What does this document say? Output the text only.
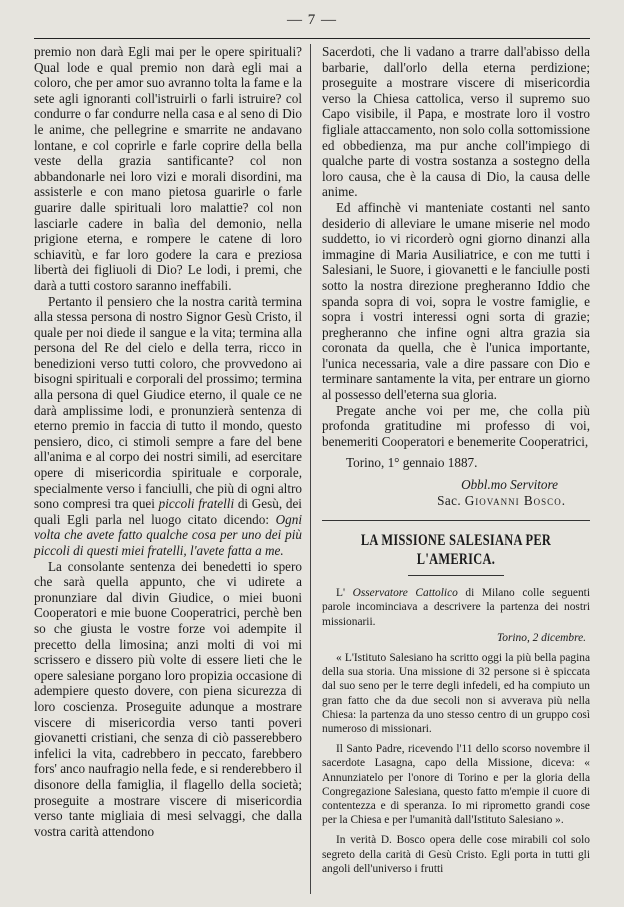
— 7 —

premio non darà Egli mai per le opere spirituali? Qual lode e qual premio non darà egli mai a coloro, che per amor suo avranno tolta la fame e la sete agli ignoranti coll'istruirli o farli istruire? col condurre o far condurre nella casa e al seno di Dio le anime, che pellegrine e smarrite ne andavano lontane, e col coprirle e farle coprire della bella veste della grazia santificante? col non abbandonarle nei loro vizi e morali disordini, ma assisterle e con mano pietosa guarirle o farle guarire dalle spirituali loro malattie? col non lasciarle cadere in balìa del demonio, nella prigione eterna, e rompere le catene di loro schiavitù, e far loro godere la cara e preziosa libertà dei figliuoli di Dio? Le lodi, i premi, che darà a tutti costoro saranno ineffabili.

Pertanto il pensiero che la nostra carità termina alla stessa persona di nostro Signor Gesù Cristo, il quale per noi diede il sangue e la vita; termina alla persona del Re del cielo e della terra, ricco in benedizioni verso tutti coloro, che provvedono ai bisogni spirituali e corporali del prossimo; termina alla persona di quel Giudice eterno, il quale ce ne darà amplissime lodi, e pronunzierà sentenza di eterno premio in faccia di tutto il mondo, questo pensiero, dico, ci stimoli sempre a fare del bene all'anima e al corpo dei nostri simili, ad esercitare opere di misericordia spirituale e corporale, specialmente verso i fanciulli, che più di ogni altro sono compresi tra quei piccoli fratelli di Gesù, dei quali Egli parla nel luogo citato dicendo: Ogni volta che avete fatto qualche cosa per uno dei più piccoli di questi miei fratelli, l'avete fatta a me.

La consolante sentenza dei benedetti io spero che sarà quella appunto, che vi udirete a pronunziare dal divin Giudice, o miei buoni Cooperatori e mie buone Cooperatrici, perchè ben so che giusta le vostre forze voi adempite il precetto della limosina; anzi molti di voi mi scrissero e dissero più volte di essere lieti che le opere salesiane porgano loro propizia occasione di adempiere questo dovere, con piena sicurezza di loro coscienza. Proseguite adunque a mostrare viscere di misericordia verso tanti poveri giovanetti cristiani, che senza di ciò passerebbero infelici la vita, cadrebbero in peccato, farebbero fors' anco naufragio nella fede, e si renderebbero il disonore della famiglia, il flagello della società; proseguite a mostrare viscere di misericordia verso tante migliaia di mesi selvaggi, che dalla vostra carità attendono

Sacerdoti, che li vadano a trarre dall'abisso della barbarie, dall'orlo della eterna perdizione; proseguite a mostrare viscere di misericordia verso la Chiesa cattolica, verso il supremo suo Capo visibile, il Papa, e mostrate loro il vostro figliale attaccamento, non solo colla sottomissione ed obbedienza, ma pur anche coll'impiego di qualche parte di vostra sostanza a sostegno della loro causa, che è la causa di Dio, la causa delle anime.

Ed affinchè vi manteniate costanti nel santo desiderio di alleviare le umane miserie nel modo suddetto, io vi ricorderò ogni giorno dinanzi alla immagine di Maria Ausiliatrice, e con me tutti i Salesiani, le Suore, i giovanetti e le fanciulle posti sotto la nostra direzione pregheranno Iddio che spanda sopra di voi, sopra le vostre famiglie, e sopra i vostri interessi ogni sorta di grazie; pregheranno che infine ogni altra grazia sia coronata da quella, che è l'unica importante, l'unica necessaria, vale a dire passare con Dio e terminare santamente la vita, per entrare un giorno al possesso dell'eterna sua gloria.

Pregate anche voi per me, che colla più profonda gratitudine mi professo di voi, benemeriti Cooperatori e benemerite Cooperatrici,

Torino, 1° gennaio 1887.

Obbl.mo Servitore

Sac. Giovanni Bosco.

LA MISSIONE SALESIANA PER L'AMERICA.

L' Osservatore Cattolico di Milano colle seguenti parole incominciava a descrivere la partenza dei nostri missionarii.

Torino, 2 dicembre.

« L'Istituto Salesiano ha scritto oggi la più bella pagina della sua storia. Una missione di 32 persone si è spiccata dal suo seno per le terre degli infedeli, ed ha compiuto un gran fatto che da due secoli non si avverava più nella Chiesa: la partenza da uno stesso centro di un gruppo così numeroso di missionari.

Il Santo Padre, ricevendo l'11 dello scorso novembre il sacerdote Lasagna, capo della Missione, diceva: « Annunziatelo per l'onore di Torino e per la gloria della Congregazione Salesiana, questo fatto m'empie il cuore di contentezza e di speranza. Io mi riprometto grandi cose per la Chiesa e per l'umanità dall'Istituto Salesiano ».

In verità D. Bosco opera delle cose mirabili col solo segreto della carità di Gesù Cristo. Egli porta in tutti gli angoli dell'universo i frutti
